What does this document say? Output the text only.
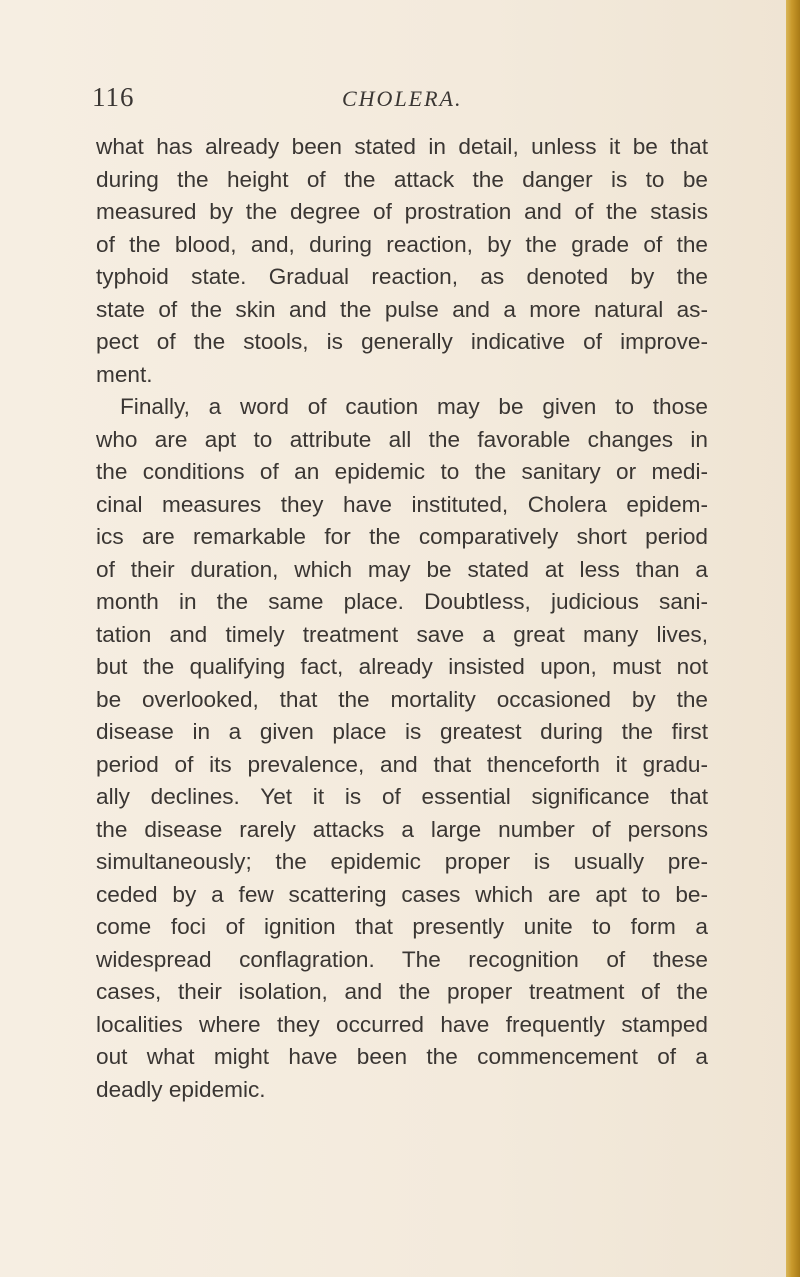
116	CHOLERA.
what has already been stated in detail, unless it be that
during the height of the attack the danger is to be
measured by the degree of prostration and of the stasis
of the blood, and, during reaction, by the grade of the
typhoid state. Gradual reaction, as denoted by the
state of the skin and the pulse and a more natural as-
pect of the stools, is generally indicative of improve-
ment.
Finally, a word of caution may be given to those
who are apt to attribute all the favorable changes in
the conditions of an epidemic to the sanitary or medi-
cinal measures they have instituted, Cholera epidem-
ics are remarkable for the comparatively short period
of their duration, which may be stated at less than a
month in the same place. Doubtless, judicious sani-
tation and timely treatment save a great many lives,
but the qualifying fact, already insisted upon, must not
be overlooked, that the mortality occasioned by the
disease in a given place is greatest during the first
period of its prevalence, and that thenceforth it gradu-
ally declines. Yet it is of essential significance that
the disease rarely attacks a large number of persons
simultaneously; the epidemic proper is usually pre-
ceded by a few scattering cases which are apt to be-
come foci of ignition that presently unite to form a
widespread conflagration. The recognition of these
cases, their isolation, and the proper treatment of the
localities where they occurred have frequently stamped
out what might have been the commencement of a
deadly epidemic.
